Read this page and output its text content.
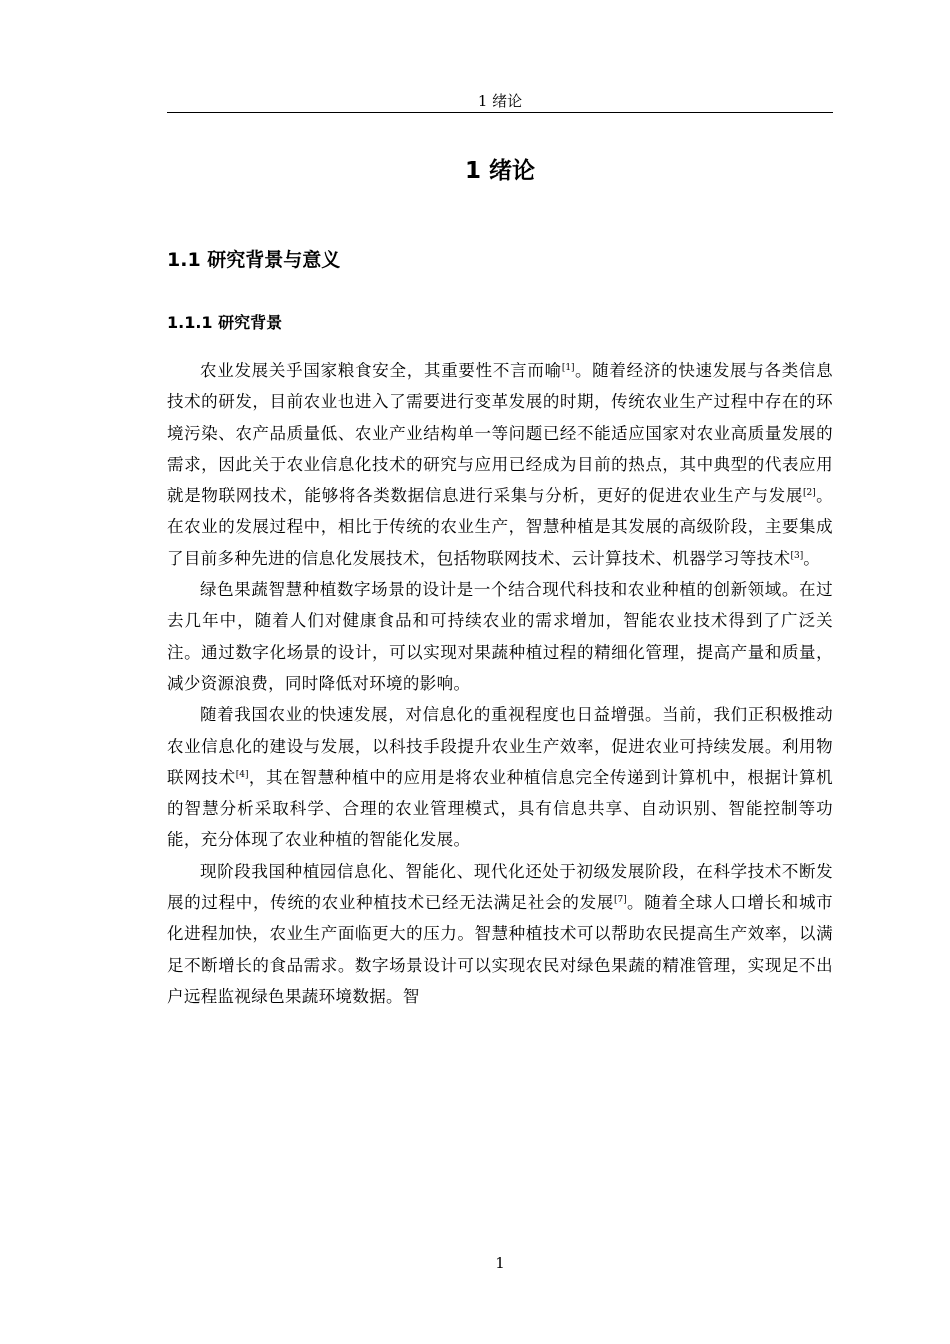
1 绪论
1 绪论
1.1 研究背景与意义
1.1.1 研究背景

农业发展关乎国家粮食安全，其重要性不言而喻[1]。随着经济的快速发展与各类信息技术的研发，目前农业也进入了需要进行变革发展的时期，传统农业生产过程中存在的环境污染、农产品质量低、农业产业结构单一等问题已经不能适应国家对农业高质量发展的需求，因此关于农业信息化技术的研究与应用已经成为目前的热点，其中典型的代表应用就是物联网技术，能够将各类数据信息进行采集与分析，更好的促进农业生产与发展[2]。在农业的发展过程中，相比于传统的农业生产，智慧种植是其发展的高级阶段，主要集成了目前多种先进的信息化发展技术，包括物联网技术、云计算技术、机器学习等技术[3]。

绿色果蔬智慧种植数字场景的设计是一个结合现代科技和农业种植的创新领域。在过去几年中，随着人们对健康食品和可持续农业的需求增加，智能农业技术得到了广泛关注。通过数字化场景的设计，可以实现对果蔬种植过程的精细化管理，提高产量和质量，减少资源浪费，同时降低对环境的影响。

随着我国农业的快速发展，对信息化的重视程度也日益增强。当前，我们正积极推动农业信息化的建设与发展，以科技手段提升农业生产效率，促进农业可持续发展。利用物联网技术[4]，其在智慧种植中的应用是将农业种植信息完全传递到计算机中，根据计算机的智慧分析采取科学、合理的农业管理模式，具有信息共享、自动识别、智能控制等功能，充分体现了农业种植的智能化发展。

现阶段我国种植园信息化、智能化、现代化还处于初级发展阶段，在科学技术不断发展的过程中，传统的农业种植技术已经无法满足社会的发展[7]。随着全球人口增长和城市化进程加快，农业生产面临更大的压力。智慧种植技术可以帮助农民提高生产效率，以满足不断增长的食品需求。数字场景设计可以实现农民对绿色果蔬的精准管理，实现足不出户远程监视绿色果蔬环境数据。智

1
